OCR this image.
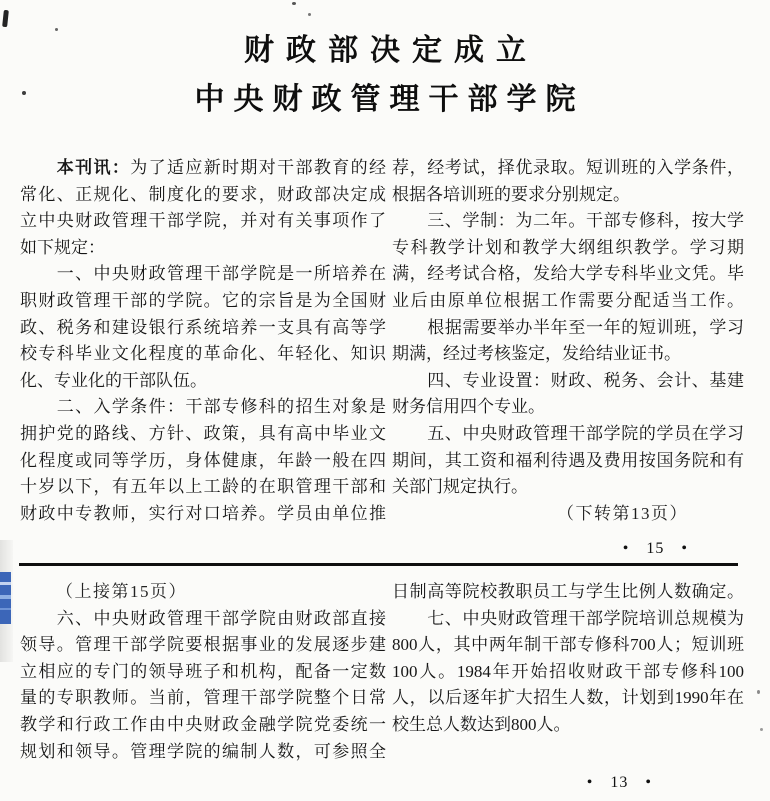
财政部决定成立
中央财政管理干部学院
　　本刊讯：为了适应新时期对干部教育的经
常化、正规化、制度化的要求，财政部决定成
立中央财政管理干部学院，并对有关事项作了
如下规定：
　　一、中央财政管理干部学院是一所培养在
职财政管理干部的学院。它的宗旨是为全国财
政、税务和建设银行系统培养一支具有高等学
校专科毕业文化程度的革命化、年轻化、知识
化、专业化的干部队伍。
　　二、入学条件：干部专修科的招生对象是
拥护党的路线、方针、政策，具有高中毕业文
化程度或同等学历，身体健康，年龄一般在四
十岁以下，有五年以上工龄的在职管理干部和
财政中专教师，实行对口培养。学员由单位推
荐，经考试，择优录取。短训班的入学条件，
根据各培训班的要求分别规定。
　　三、学制：为二年。干部专修科，按大学
专科教学计划和教学大纲组织教学。学习期
满，经考试合格，发给大学专科毕业文凭。毕
业后由原单位根据工作需要分配适当工作。
　　根据需要举办半年至一年的短训班，学习
期满，经过考核鉴定，发给结业证书。
　　四、专业设置：财政、税务、会计、基建
财务信用四个专业。
　　五、中央财政管理干部学院的学员在学习
期间，其工资和福利待遇及费用按国务院和有
关部门规定执行。
（下转第13页）
• 15 •
（上接第15页）
　　六、中央财政管理干部学院由财政部直接
领导。管理干部学院要根据事业的发展逐步建
立相应的专门的领导班子和机构，配备一定数
量的专职教师。当前，管理干部学院整个日常
教学和行政工作由中央财政金融学院党委统一
规划和领导。管理学院的编制人数，可参照全
日制高等院校教职员工与学生比例人数确定。
　　七、中央财政管理干部学院培训总规模为
800人，其中两年制干部专修科700人；短训班
100人。1984年开始招收财政干部专修科100
人，以后逐年扩大招生人数，计划到1990年在
校生总人数达到800人。
• 13 •
